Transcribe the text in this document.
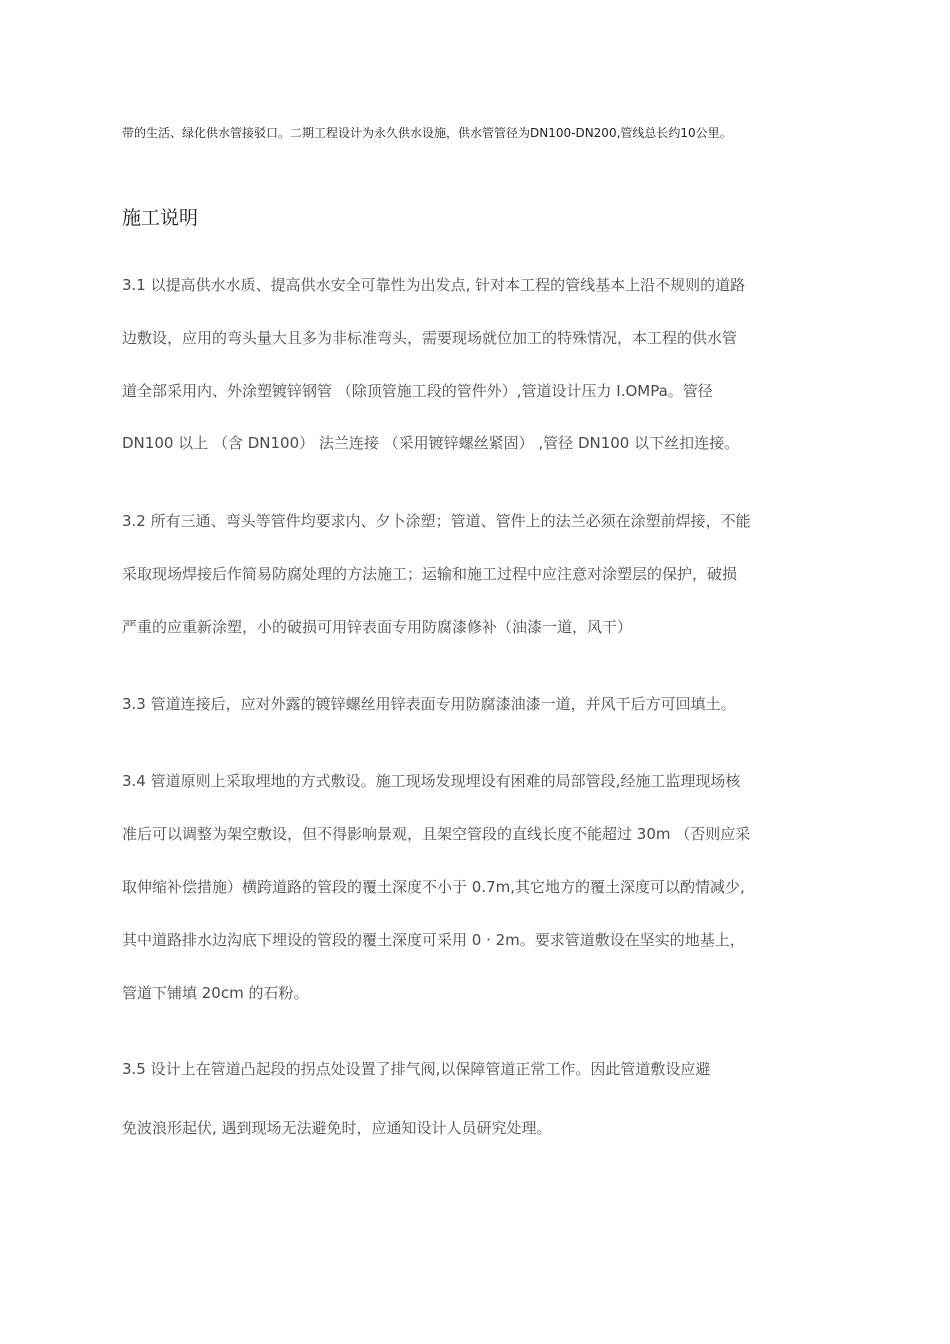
带的生活、绿化供水管接驳口。二期工程设计为永久供水设施，供水管管径为DN100-DN200,管线总长约10公里。
施工说明
3.1 以提高供水水质、提高供水安全可靠性为出发点, 针对本工程的管线基本上沿不规则的道路
边敷设，应用的弯头量大且多为非标准弯头，需要现场就位加工的特殊情况，本工程的供水管
道全部采用内、外涂塑镀锌钢管 （除顶管施工段的管件外）,管道设计压力 I.OMPa。管径
DN100 以上 （含 DN100） 法兰连接 （采用镀锌螺丝紧固） ,管径 DN100 以下丝扣连接。
3.2 所有三通、弯头等管件均要求内、夕卜涂塑；管道、管件上的法兰必须在涂塑前焊接，不能
采取现场焊接后作简易防腐处理的方法施工；运输和施工过程中应注意对涂塑层的保护，破损
严重的应重新涂塑，小的破损可用锌表面专用防腐漆修补（油漆一道，风干）
3.3 管道连接后，应对外露的镀锌螺丝用锌表面专用防腐漆油漆一道，并风干后方可回填土。
3.4 管道原则上采取埋地的方式敷设。施工现场发现埋设有困难的局部管段,经施工监理现场核
准后可以调整为架空敷设，但不得影响景观，且架空管段的直线长度不能超过 30m （否则应采
取伸缩补偿措施）横跨道路的管段的覆土深度不小于 0.7m,其它地方的覆土深度可以酌情减少,
其中道路排水边沟底下埋设的管段的覆土深度可采用 0 · 2m。要求管道敷设在坚实的地基上，
管道下铺填 20cm 的石粉。
3.5 设计上在管道凸起段的拐点处设置了排气阀,以保障管道正常工作。因此管道敷设应避
免波浪形起伏, 遇到现场无法避免时，应通知设计人员研究处理。
